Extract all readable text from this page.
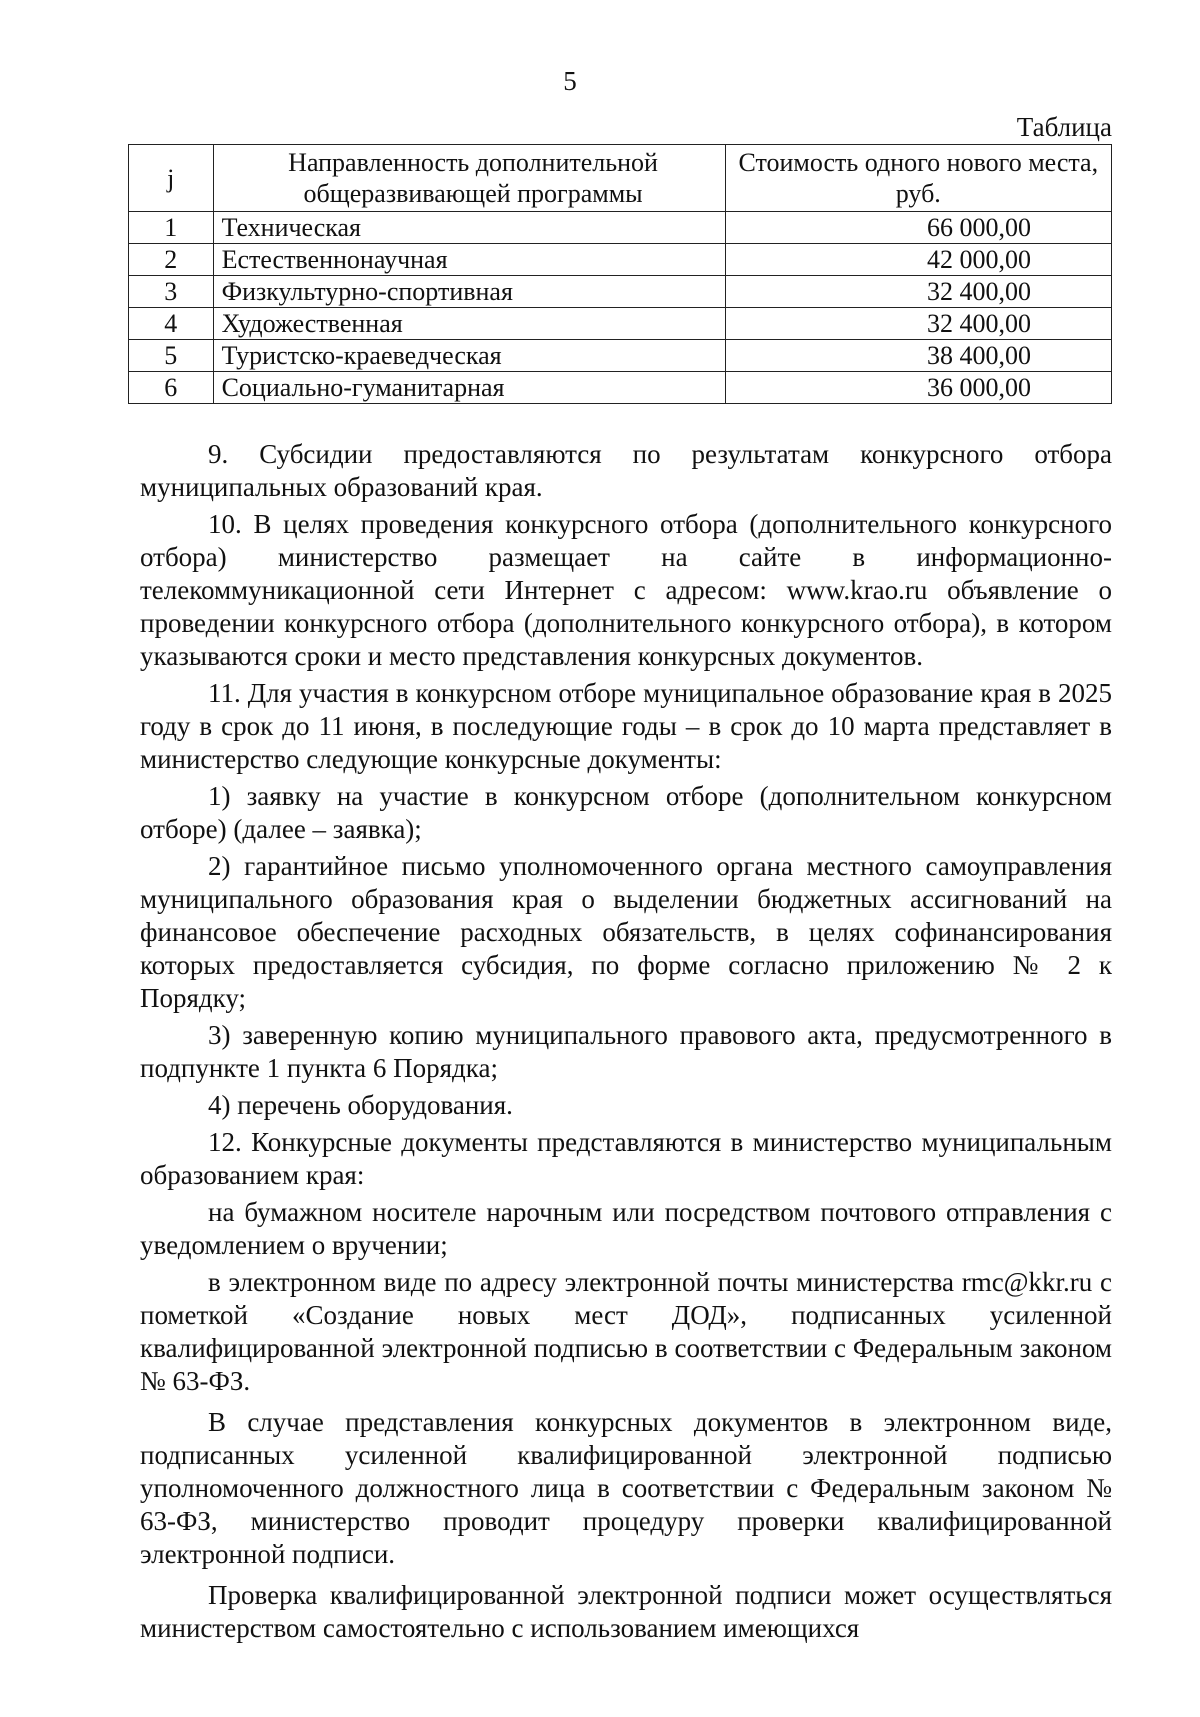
5
Таблица
j	Направленность дополнительной общеразвивающей программы	Стоимость одного нового места, руб.
1	Техническая	66 000,00
2	Естественнонаучная	42 000,00
3	Физкультурно-спортивная	32 400,00
4	Художественная	32 400,00
5	Туристско-краеведческая	38 400,00
6	Социально-гуманитарная	36 000,00

9. Субсидии предоставляются по результатам конкурсного отбора муниципальных образований края.

10. В целях проведения конкурсного отбора (дополнительного конкурсного отбора) министерство размещает на сайте в информационно-телекоммуникационной сети Интернет с адресом: www.krao.ru объявление о проведении конкурсного отбора (дополнительного конкурсного отбора), в котором указываются сроки и место представления конкурсных документов.

11. Для участия в конкурсном отборе муниципальное образование края в 2025 году в срок до 11 июня, в последующие годы – в срок до 10 марта представляет в министерство следующие конкурсные документы:

1) заявку на участие в конкурсном отборе (дополнительном конкурсном отборе) (далее – заявка);

2) гарантийное письмо уполномоченного органа местного самоуправления муниципального образования края о выделении бюджетных ассигнований на финансовое обеспечение расходных обязательств, в целях софинансирования которых предоставляется субсидия, по форме согласно приложению № 2 к Порядку;

3) заверенную копию муниципального правового акта, предусмотренного в подпункте 1 пункта 6 Порядка;

4) перечень оборудования.

12. Конкурсные документы представляются в министерство муниципальным образованием края:

на бумажном носителе нарочным или посредством почтового отправления с уведомлением о вручении;

в электронном виде по адресу электронной почты министерства rmc@kkr.ru с пометкой «Создание новых мест ДОД», подписанных усиленной квалифицированной электронной подписью в соответствии с Федеральным законом № 63-ФЗ.

В случае представления конкурсных документов в электронном виде, подписанных усиленной квалифицированной электронной подписью уполномоченного должностного лица в соответствии с Федеральным законом № 63-ФЗ, министерство проводит процедуру проверки квалифицированной электронной подписи.

Проверка квалифицированной электронной подписи может осуществляться министерством самостоятельно с использованием имеющихся
